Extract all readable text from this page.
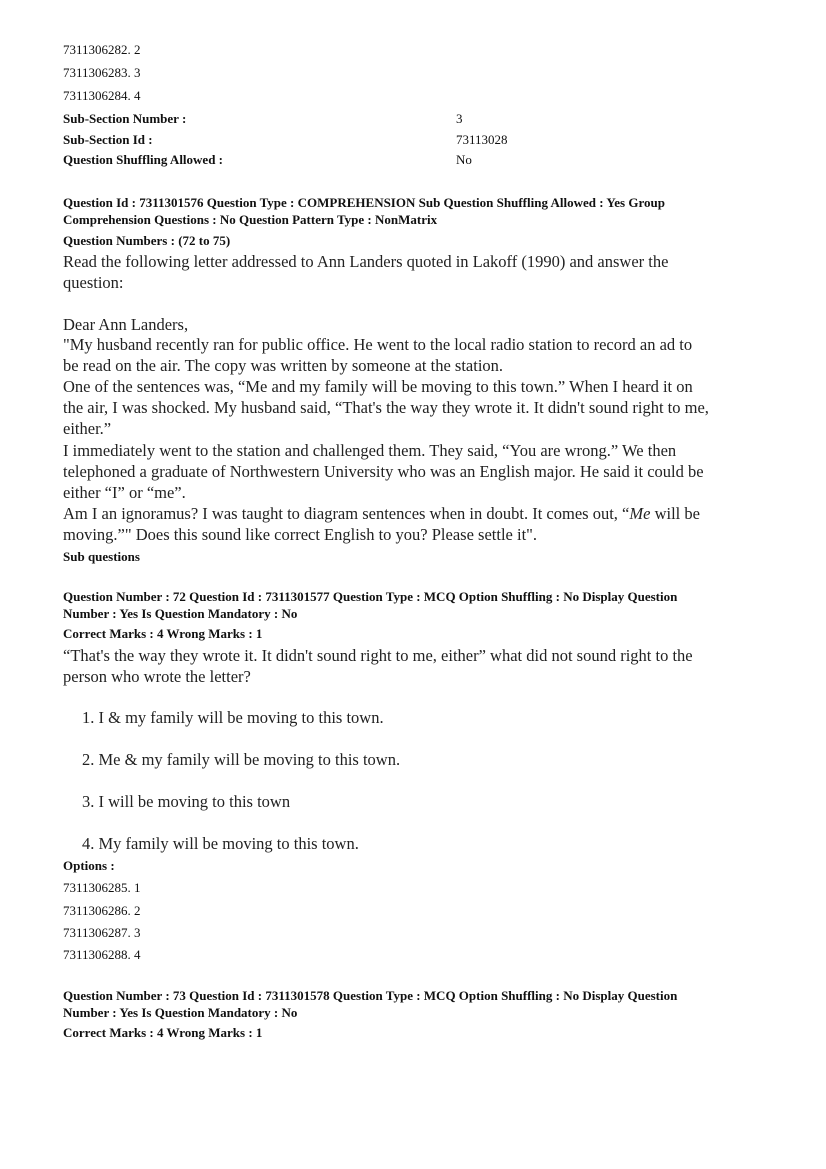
7311306282. 2
7311306283. 3
7311306284. 4
Sub-Section Number :	3
Sub-Section Id :	73113028
Question Shuffling Allowed :	No
Question Id : 7311301576 Question Type : COMPREHENSION Sub Question Shuffling Allowed : Yes Group
Comprehension Questions : No Question Pattern Type : NonMatrix
Question Numbers : (72 to 75)
Read the following letter addressed to Ann Landers quoted in Lakoff (1990) and answer the
question:
Dear Ann Landers,
"My husband recently ran for public office. He went to the local radio station to record an ad to
be read on the air. The copy was written by someone at the station.
One of the sentences was, “Me and my family will be moving to this town.” When I heard it on
the air, I was shocked. My husband said, “That's the way they wrote it. It didn't sound right to me,
either.”
I immediately went to the station and challenged them. They said, “You are wrong.” We then
telephoned a graduate of Northwestern University who was an English major. He said it could be
either “I” or “me”.
Am I an ignoramus? I was taught to diagram sentences when in doubt. It comes out, “Me will be
moving.”" Does this sound like correct English to you? Please settle it".
Sub questions
Question Number : 72 Question Id : 7311301577 Question Type : MCQ Option Shuffling : No Display Question
Number : Yes Is Question Mandatory : No
Correct Marks : 4 Wrong Marks : 1
“That's the way they wrote it. It didn't sound right to me, either” what did not sound right to the
person who wrote the letter?
1. I & my family will be moving to this town.
2. Me & my family will be moving to this town.
3. I will be moving to this town
4. My family will be moving to this town.
Options :
7311306285. 1
7311306286. 2
7311306287. 3
7311306288. 4
Question Number : 73 Question Id : 7311301578 Question Type : MCQ Option Shuffling : No Display Question
Number : Yes Is Question Mandatory : No
Correct Marks : 4 Wrong Marks : 1
